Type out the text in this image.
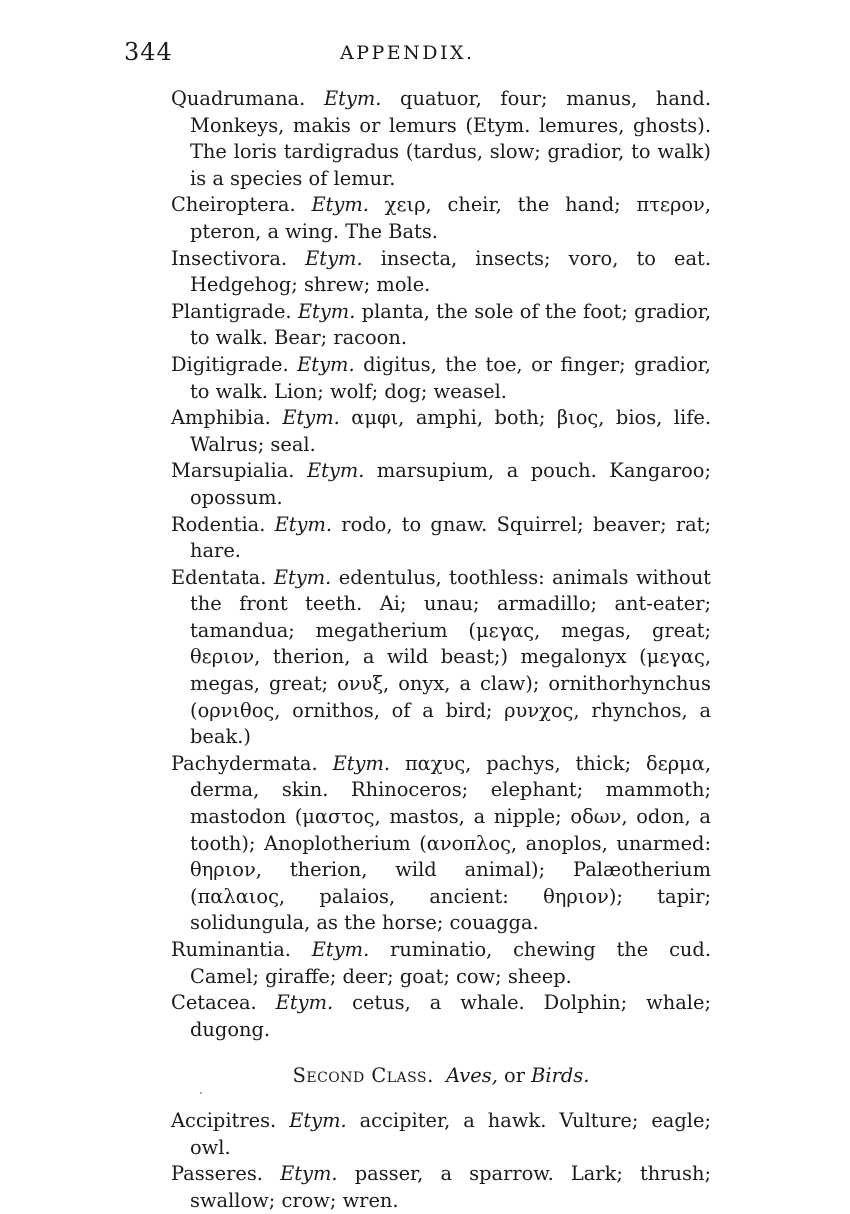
344	APPENDIX.

Quadrumana. Etym. quatuor, four; manus, hand. Monkeys, makis or lemurs (Etym. lemures, ghosts). The loris tardigradus (tardus, slow; gradior, to walk) is a species of lemur.

Cheiroptera. Etym. χειρ, cheir, the hand; πτερον, pteron, a wing. The Bats.

Insectivora. Etym. insecta, insects; voro, to eat. Hedgehog; shrew; mole.

Plantigrade. Etym. planta, the sole of the foot; gradior, to walk. Bear; racoon.

Digitigrade. Etym. digitus, the toe, or finger; gradior, to walk. Lion; wolf; dog; weasel.

Amphibia. Etym. αμφι, amphi, both; βιος, bios, life. Walrus; seal.

Marsupialia. Etym. marsupium, a pouch. Kangaroo; opossum.

Rodentia. Etym. rodo, to gnaw. Squirrel; beaver; rat; hare.

Edentata. Etym. edentulus, toothless: animals without the front teeth. Ai; unau; armadillo; ant-eater; tamandua; megatherium (μεγας, megas, great; θεριον, therion, a wild beast;) megalonyx (μεγας, megas, great; ονυξ, onyx, a claw); ornithorhynchus (ορνιθος, ornithos, of a bird; ρυνχος, rhynchos, a beak.)

Pachydermata. Etym. παχυς, pachys, thick; δερμα, derma, skin. Rhinoceros; elephant; mammoth; mastodon (μαστος, mastos, a nipple; οδων, odon, a tooth); Anoplotherium (ανοπλος, anoplos, unarmed: θηριον, therion, wild animal); Palæotherium (παλαιος, palaios, ancient: θηριον); tapir; solidungula, as the horse; couagga.

Ruminantia. Etym. ruminatio, chewing the cud. Camel; giraffe; deer; goat; cow; sheep.

Cetacea. Etym. cetus, a whale. Dolphin; whale; dugong.

Second Class. Aves, or Birds.

Accipitres. Etym. accipiter, a hawk. Vulture; eagle; owl.

Passeres. Etym. passer, a sparrow. Lark; thrush; swallow; crow; wren.
